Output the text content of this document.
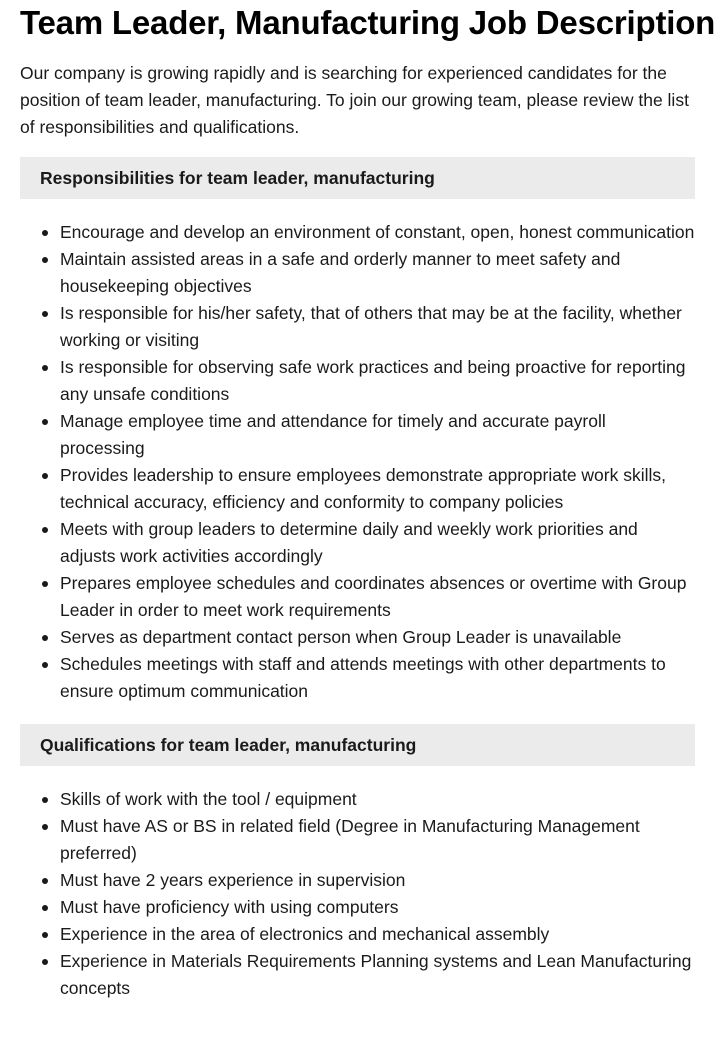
Team Leader, Manufacturing Job Description

Our company is growing rapidly and is searching for experienced candidates for the position of team leader, manufacturing. To join our growing team, please review the list of responsibilities and qualifications.

Responsibilities for team leader, manufacturing
Encourage and develop an environment of constant, open, honest communication
Maintain assisted areas in a safe and orderly manner to meet safety and housekeeping objectives
Is responsible for his/her safety, that of others that may be at the facility, whether working or visiting
Is responsible for observing safe work practices and being proactive for reporting any unsafe conditions
Manage employee time and attendance for timely and accurate payroll processing
Provides leadership to ensure employees demonstrate appropriate work skills, technical accuracy, efficiency and conformity to company policies
Meets with group leaders to determine daily and weekly work priorities and adjusts work activities accordingly
Prepares employee schedules and coordinates absences or overtime with Group Leader in order to meet work requirements
Serves as department contact person when Group Leader is unavailable
Schedules meetings with staff and attends meetings with other departments to ensure optimum communication
Qualifications for team leader, manufacturing
Skills of work with the tool / equipment
Must have AS or BS in related field (Degree in Manufacturing Management preferred)
Must have 2 years experience in supervision
Must have proficiency with using computers
Experience in the area of electronics and mechanical assembly
Experience in Materials Requirements Planning systems and Lean Manufacturing concepts
